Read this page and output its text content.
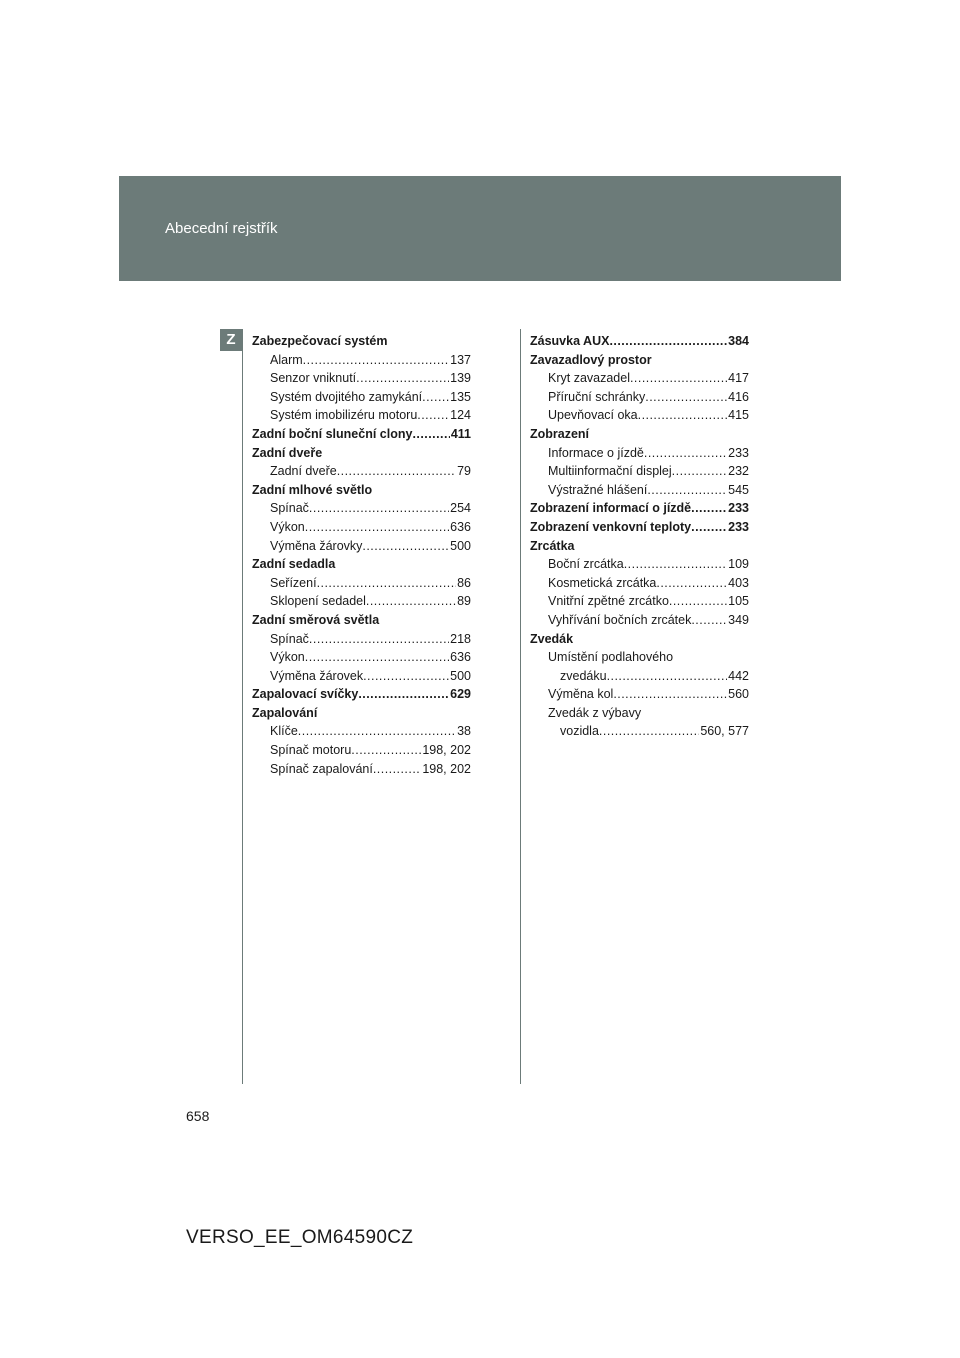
Abecední rejstřík
Z	Zabezpečovací systém
Alarm . . .	137
Senzor vniknutí . . .	139
Systém dvojitého zamykání . . . 135
Systém imobilizéru motoru . . .	124
Zadní boční sluneční clony . . .	411
Zadní dveře
Zadní dveře . . .	79
Zadní mlhové světlo
Spínač . . .	254
Výkon . . .	636
Výměna žárovky . . .	500
Zadní sedadla
Seřízení . . .	86
Sklopení sedadel . . .	89
Zadní směrová světla
Spínač . . .	218
Výkon . . .	636
Výměna žárovek . . .	500
Zapalovací svíčky . . .	629
Zapalování
Klíče . . .	38
Spínač motoru . . .	198, 202
Spínač zapalování . . .	198, 202
Zásuvka AUX . . .	384
Zavazadlový prostor
Kryt zavazadel . . .	417
Příruční schránky . . .	416
Upevňovací oka . . .	415
Zobrazení
Informace o jízdě . . .	233
Multiinformační displej . . .	232
Výstražné hlášení . . .	545
Zobrazení informací o jízdě . . .	233
Zobrazení venkovní teploty . . .	233
Zrcátka
Boční zrcátka . . .	109
Kosmetická zrcátka . . .	403
Vnitřní zpětné zrcátko . . .	105
Vyhřívání bočních zrcátek . . .	349
Zvedák
Umístění podlahového
zvedáku . . .	442
Výměna kol . . .	560
Zvedák z výbavy
vozidla . . .	560, 577
658
VERSO_EE_OM64590CZ
